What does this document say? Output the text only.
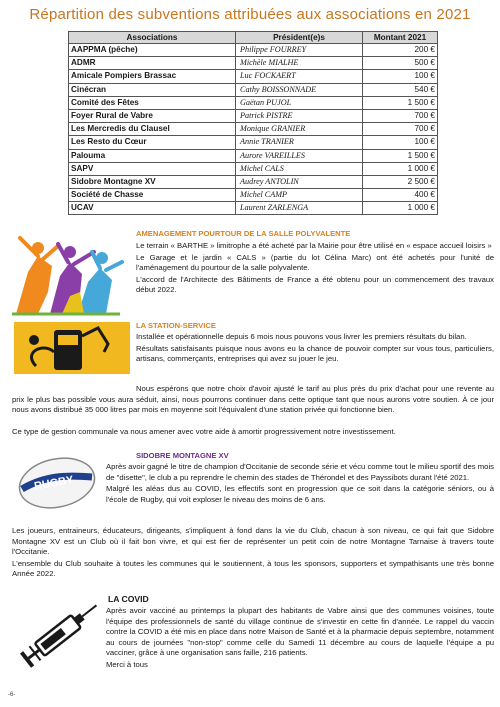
Répartition des subventions attribuées aux associations en 2021
Associations	Président(e)s	Montant 2021
AAPPMA (pêche)	Philippe FOURREY	200 €
ADMR	Michèle MIALHE	500 €
Amicale Pompiers Brassac	Luc FOCKAERT	100 €
Cinécran	Cathy BOISSONNADE	540 €
Comité des Fêtes	Gaëtan PUJOL	1 500 €
Foyer Rural de Vabre	Patrick PISTRE	700 €
Les Mercredis du Clausel	Monique GRANIER	700 €
Les Resto du Cœur	Annie TRANIER	100 €
Palouma	Aurore VAREILLES	1 500 €
SAPV	Michel CALS	1 000 €
Sidobre Montagne XV	Audrey ANTOLIN	2 500 €
Société de Chasse	Michel CAMP	400 €
UCAV	Laurent ZARLENGA	1 000 €
AMENAGEMENT POURTOUR DE LA SALLE POLYVALENTE

Le terrain « BARTHE » limitrophe a été acheté par la Mairie pour être utilisé en « espace accueil loisirs »

Le Garage et le jardin « CALS » (partie du lot Célina Marc) ont été achetés pour l'unité de l'aménagement du pourtour de la salle polyvalente.

L'accord de l'Architecte des Bâtiments de France a été obtenu pour un commencement des travaux début 2022.

LA STATION-SERVICE

Installée et opérationnelle depuis 6 mois nous pouvons vous livrer les premiers résultats du bilan.

Résultats satisfaisants puisque nous avons eu la chance de pouvoir compter sur vous tous, particuliers, artisans, commerçants, entreprises qui avez su jouer le jeu.

Nous espérons que notre choix d'avoir ajusté le tarif au plus près du prix d'achat pour une revente au prix le plus bas possible vous aura séduit, ainsi, nous pourrons continuer dans cette optique tant que nous aurons votre soutien. À ce jour nous avons distribué 35 000 litres par mois en moyenne soit l'équivalent d'une station privée qui fonctionne bien.
Ce type de gestion communale va nous amener avec votre aide à amortir progressivement notre investissement.
RUGBY
SIDOBRE MONTAGNE XV

Après avoir gagné le titre de champion d'Occitanie de seconde série et vécu comme tout le milieu sportif des mois de "disette", le club a pu reprendre le chemin des stades de Thérondel et des Payssibots durant l'été 2021.

Malgré les aléas dus au COVID, les effectifs sont en progression que ce soit dans la catégorie séniors, ou à l'école de Rugby, qui voit exploser le niveau des moins de 6 ans.

Les joueurs, entraineurs, éducateurs, dirigeants, s'impliquent à fond dans la vie du Club, chacun à son niveau, ce qui fait que Sidobre Montagne XV est un Club où il fait bon vivre, et qui est fier de représenter un petit coin de notre Montagne Tarnaise à travers toute l'Occitanie.

L'ensemble du Club souhaite à toutes les communes qui le soutiennent, à tous les sponsors, supporters et sympathisants une très bonne Année 2022.

LA COVID

Après avoir vacciné au printemps la plupart des habitants de Vabre ainsi que des communes voisines, toute l'équipe des professionnels de santé du village continue de s'investir en cette fin d'année. Le rappel du vaccin contre la COVID a été mis en place dans notre Maison de Santé et à la pharmacie depuis septembre, notamment au cours de journées "non-stop" comme celle du Samedi 11 décembre au cours de laquelle l'équipe a pu vacciner, grâce à une organisation sans faille, 216 patients.

Merci à tous

-6-
